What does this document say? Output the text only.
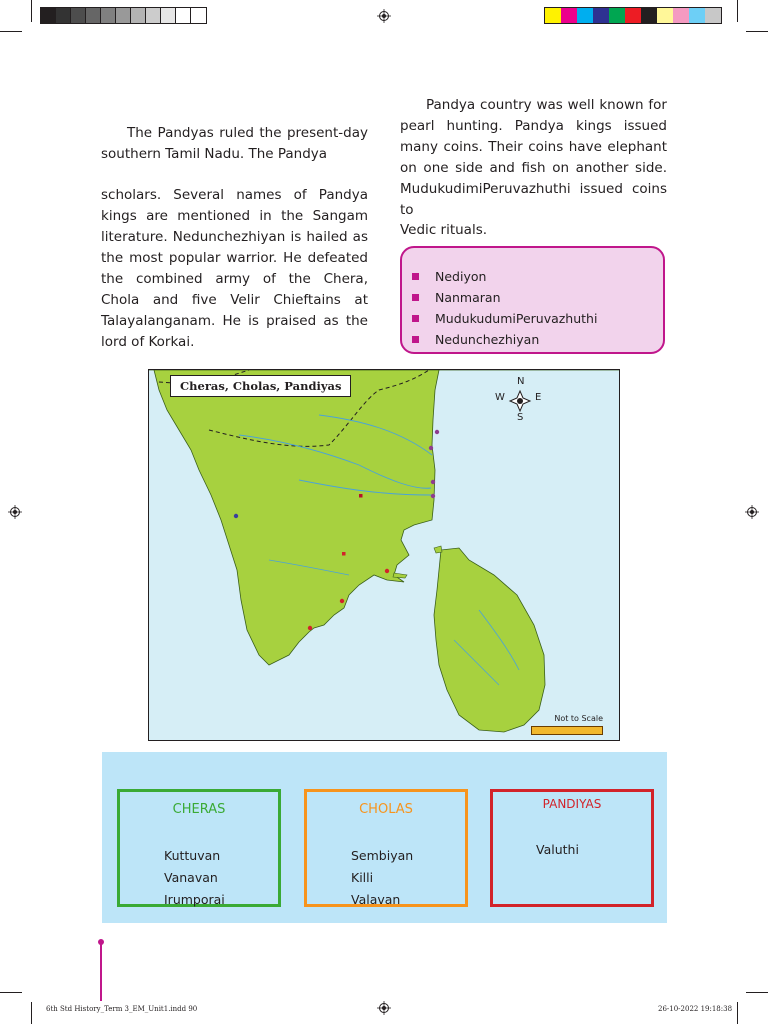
The Pandyas ruled the present-day southern Tamil Nadu. The Pandya

scholars. Several names of Pandya kings are mentioned in the Sangam literature. Nedunchezhiyan is hailed as the most popular warrior. He defeated the combined army of the Chera, Chola and five Velir Chieftains at Talayalanganam. He is praised as the lord of Korkai.

Pandya country was well known for pearl hunting. Pandya kings issued many coins. Their coins have elephant on one side and fish on another side. MudukudimiPeruvazhuthi issued coins to

Vedic rituals.

Nediyon
Nanmaran
MudukudumiPeruvazhuthi
Nedunchezhiyan
Cheras, Cholas, Pandiyas	N
S
E
W
Not to Scale
CHERAS
Kuttuvan
Vanavan
Irumporai
CHOLAS
Sembiyan
Killi
Valavan
PANDIYAS
Valuthi
6th Std History_Term 3_EM_Unit1.indd 90	26-10-2022 19:18:38
